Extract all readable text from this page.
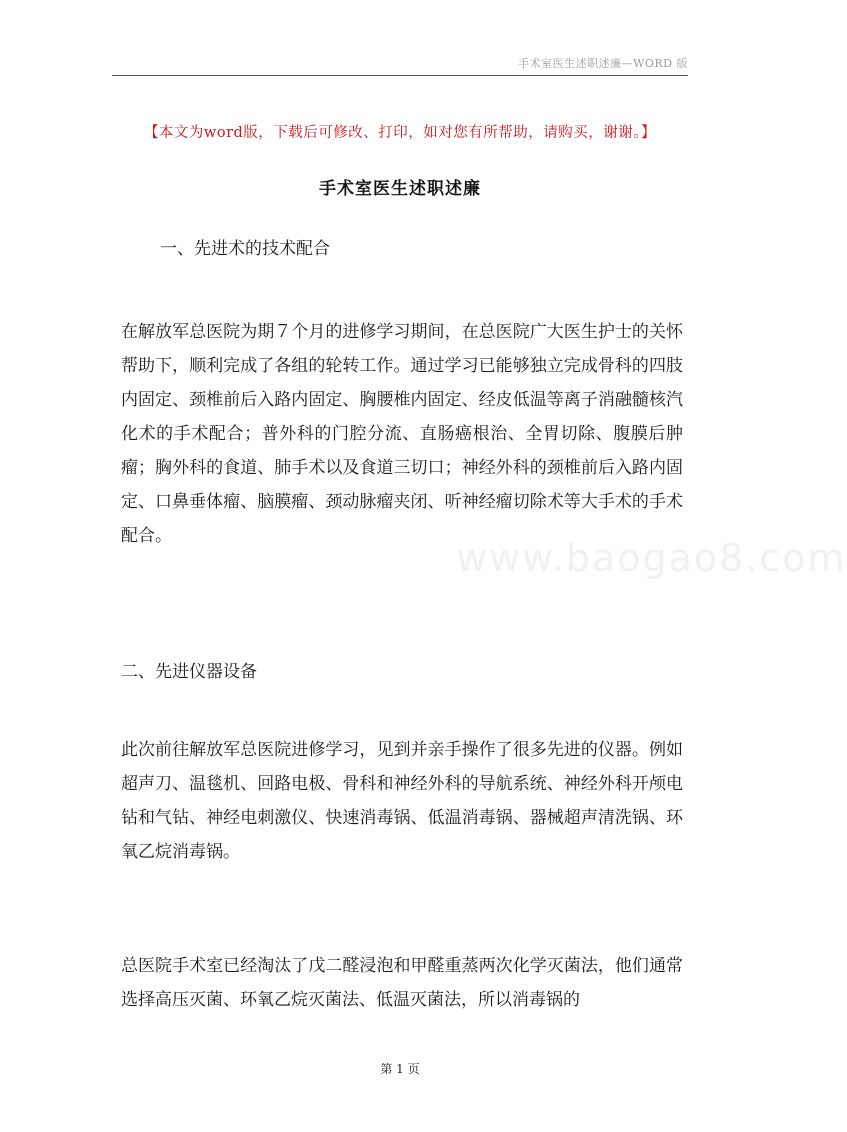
手术室医生述职述廉—WORD 版
【本文为word版，下载后可修改、打印，如对您有所帮助，请购买，谢谢。】
手术室医生述职述廉

一、先进术的技术配合

在解放军总医院为期７个月的进修学习期间，在总医院广大医生护士的关怀帮助下，顺利完成了各组的轮转工作。通过学习已能够独立完成骨科的四肢内固定、颈椎前后入路内固定、胸腰椎内固定、经皮低温等离子消融髓核汽化术的手术配合；普外科的门腔分流、直肠癌根治、全胃切除、腹膜后肿瘤；胸外科的食道、肺手术以及食道三切口；神经外科的颈椎前后入路内固定、口鼻垂体瘤、脑膜瘤、颈动脉瘤夹闭、听神经瘤切除术等大手术的手术配合。

二、先进仪器设备

此次前往解放军总医院进修学习，见到并亲手操作了很多先进的仪器。例如超声刀、温毯机、回路电极、骨科和神经外科的导航系统、神经外科开颅电钻和气钻、神经电刺激仪、快速消毒锅、低温消毒锅、器械超声清洗锅、环氧乙烷消毒锅。

总医院手术室已经淘汰了戊二醛浸泡和甲醛重蒸两次化学灭菌法，他们通常选择高压灭菌、环氧乙烷灭菌法、低温灭菌法，所以消毒锅的

www.baogao8.com
第 1 页
